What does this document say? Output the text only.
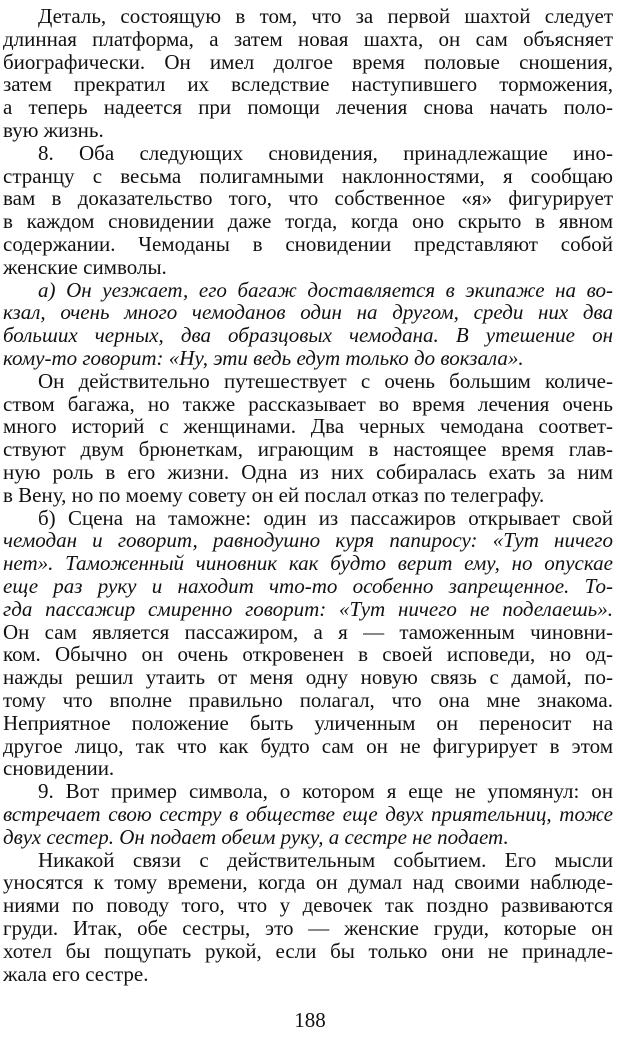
Деталь, состоящую в том, что за первой шахтой следует
длинная платформа, а затем новая шахта, он сам объясняет
биографически. Он имел долгое время половые сношения,
затем прекратил их вследствие наступившего торможения,
а теперь надеется при помощи лечения снова начать поло-
вую жизнь.
8. Оба следующих сновидения, принадлежащие ино-
странцу с весьма полигамными наклонностями, я сообщаю
вам в доказательство того, что собственное «я» фигурирует
в каждом сновидении даже тогда, когда оно скрыто в явном
содержании. Чемоданы в сновидении представляют собой
женские символы.
а) Он уезжает, его багаж доставляется в экипаже на во-
кзал, очень много чемоданов один на другом, среди них два
больших черных, два образцовых чемодана. В утешение он
кому-то говорит: «Ну, эти ведь едут только до вокзала».
Он действительно путешествует с очень большим количе-
ством багажа, но также рассказывает во время лечения очень
много историй с женщинами. Два черных чемодана соответ-
ствуют двум брюнеткам, играющим в настоящее время глав-
ную роль в его жизни. Одна из них собиралась ехать за ним
в Вену, но по моему совету он ей послал отказ по телеграфу.
б) Сцена на таможне: один из пассажиров открывает свой
чемодан и говорит, равнодушно куря папиросу: «Тут ничего
нет». Таможенный чиновник как будто верит ему, но опускае
еще раз руку и находит что-то особенно запрещенное. То-
гда пассажир смиренно говорит: «Тут ничего не поделаешь».
Он сам является пассажиром, а я — таможенным чиновни-
ком. Обычно он очень откровенен в своей исповеди, но од-
нажды решил утаить от меня одну новую связь с дамой, по-
тому что вполне правильно полагал, что она мне знакома.
Неприятное положение быть уличенным он переносит на
другое лицо, так что как будто сам он не фигурирует в этом
сновидении.
9. Вот пример символа, о котором я еще не упомянул: он
встречает свою сестру в обществе еще двух приятельниц, тоже
двух сестер. Он подает обеим руку, а сестре не подает.
Никакой связи с действительным событием. Его мысли
уносятся к тому времени, когда он думал над своими наблюде-
ниями по поводу того, что у девочек так поздно развиваются
груди. Итак, обе сестры, это — женские груди, которые он
хотел бы пощупать рукой, если бы только они не принадле-
жала его сестре.
188
